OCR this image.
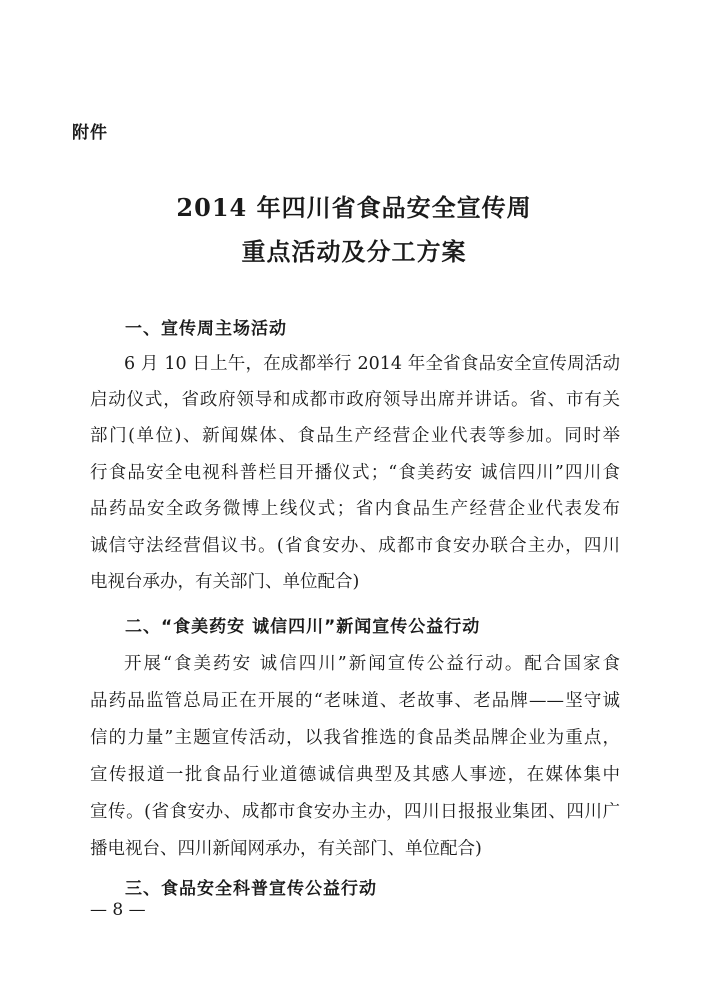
附件
2014 年四川省食品安全宣传周
重点活动及分工方案
一、宣传周主场活动
6 月 10 日上午，在成都举行 2014 年全省食品安全宣传周活动
启动仪式，省政府领导和成都市政府领导出席并讲话。省、市有关
部门(单位)、新闻媒体、食品生产经营企业代表等参加。同时举
行食品安全电视科普栏目开播仪式；“食美药安 诚信四川”四川食
品药品安全政务微博上线仪式；省内食品生产经营企业代表发布
诚信守法经营倡议书。(省食安办、成都市食安办联合主办，四川
电视台承办，有关部门、单位配合)
二、“食美药安 诚信四川”新闻宣传公益行动
开展“食美药安 诚信四川”新闻宣传公益行动。配合国家食
品药品监管总局正在开展的“老味道、老故事、老品牌——坚守诚
信的力量”主题宣传活动，以我省推选的食品类品牌企业为重点，
宣传报道一批食品行业道德诚信典型及其感人事迹，在媒体集中
宣传。(省食安办、成都市食安办主办，四川日报报业集团、四川广
播电视台、四川新闻网承办，有关部门、单位配合)
三、食品安全科普宣传公益行动
— 8 —
